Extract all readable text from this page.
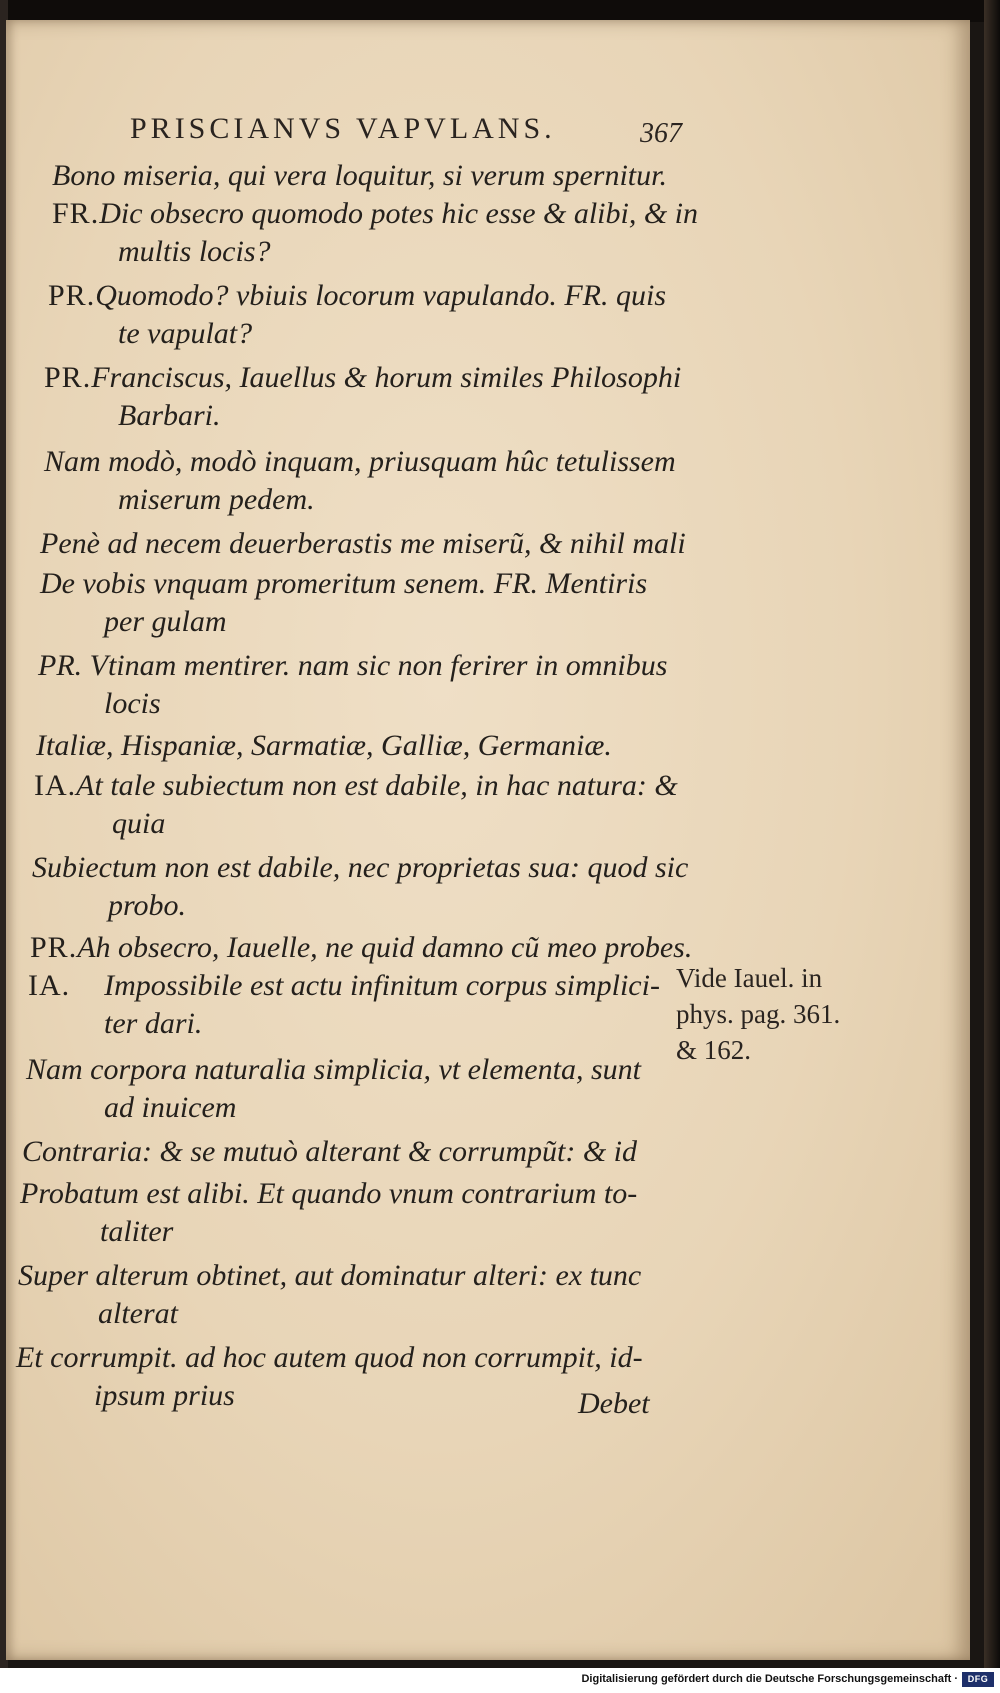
PRISCIANVS VAPVLANS.	367
Bono miseria, qui vera loquitur, si verum spernitur.
FR.Dic obsecro quomodo potes hic esse & alibi, & in
multis locis?
PR.Quomodo? vbiuis locorum vapulando. FR. quis
te vapulat?
PR.Franciscus, Iauellus & horum similes Philosophi
Barbari.
Nam modò, modò inquam, priusquam hûc tetulissem
miserum pedem.
Penè ad necem deuerberastis me miserũ, & nihil mali
De vobis vnquam promeritum senem. FR. Mentiris
per gulam
PR. Vtinam mentirer. nam sic non ferirer in omnibus
locis
Italiæ, Hispaniæ, Sarmatiæ, Galliæ, Germaniæ.
IA.At tale subiectum non est dabile, in hac natura: &
quia
Subiectum non est dabile, nec proprietas sua: quod sic
probo.
PR.Ah obsecro, Iauelle, ne quid damno cũ meo probes.
IA. Impossibile est actu infinitum corpus simplici-
ter dari.
Nam corpora naturalia simplicia, vt elementa, sunt
ad inuicem
Contraria: & se mutuò alterant & corrumpũt: & id
Probatum est alibi. Et quando vnum contrarium to-
taliter
Super alterum obtinet, aut dominatur alteri: ex tunc
alterat
Et corrumpit. ad hoc autem quod non corrumpit, id-
ipsum prius	Debet
Vide Iauel. in
phys. pag. 361.
& 162.
Digitalisierung gefördert durch die Deutsche Forschungsgemeinschaft ·	DFG
